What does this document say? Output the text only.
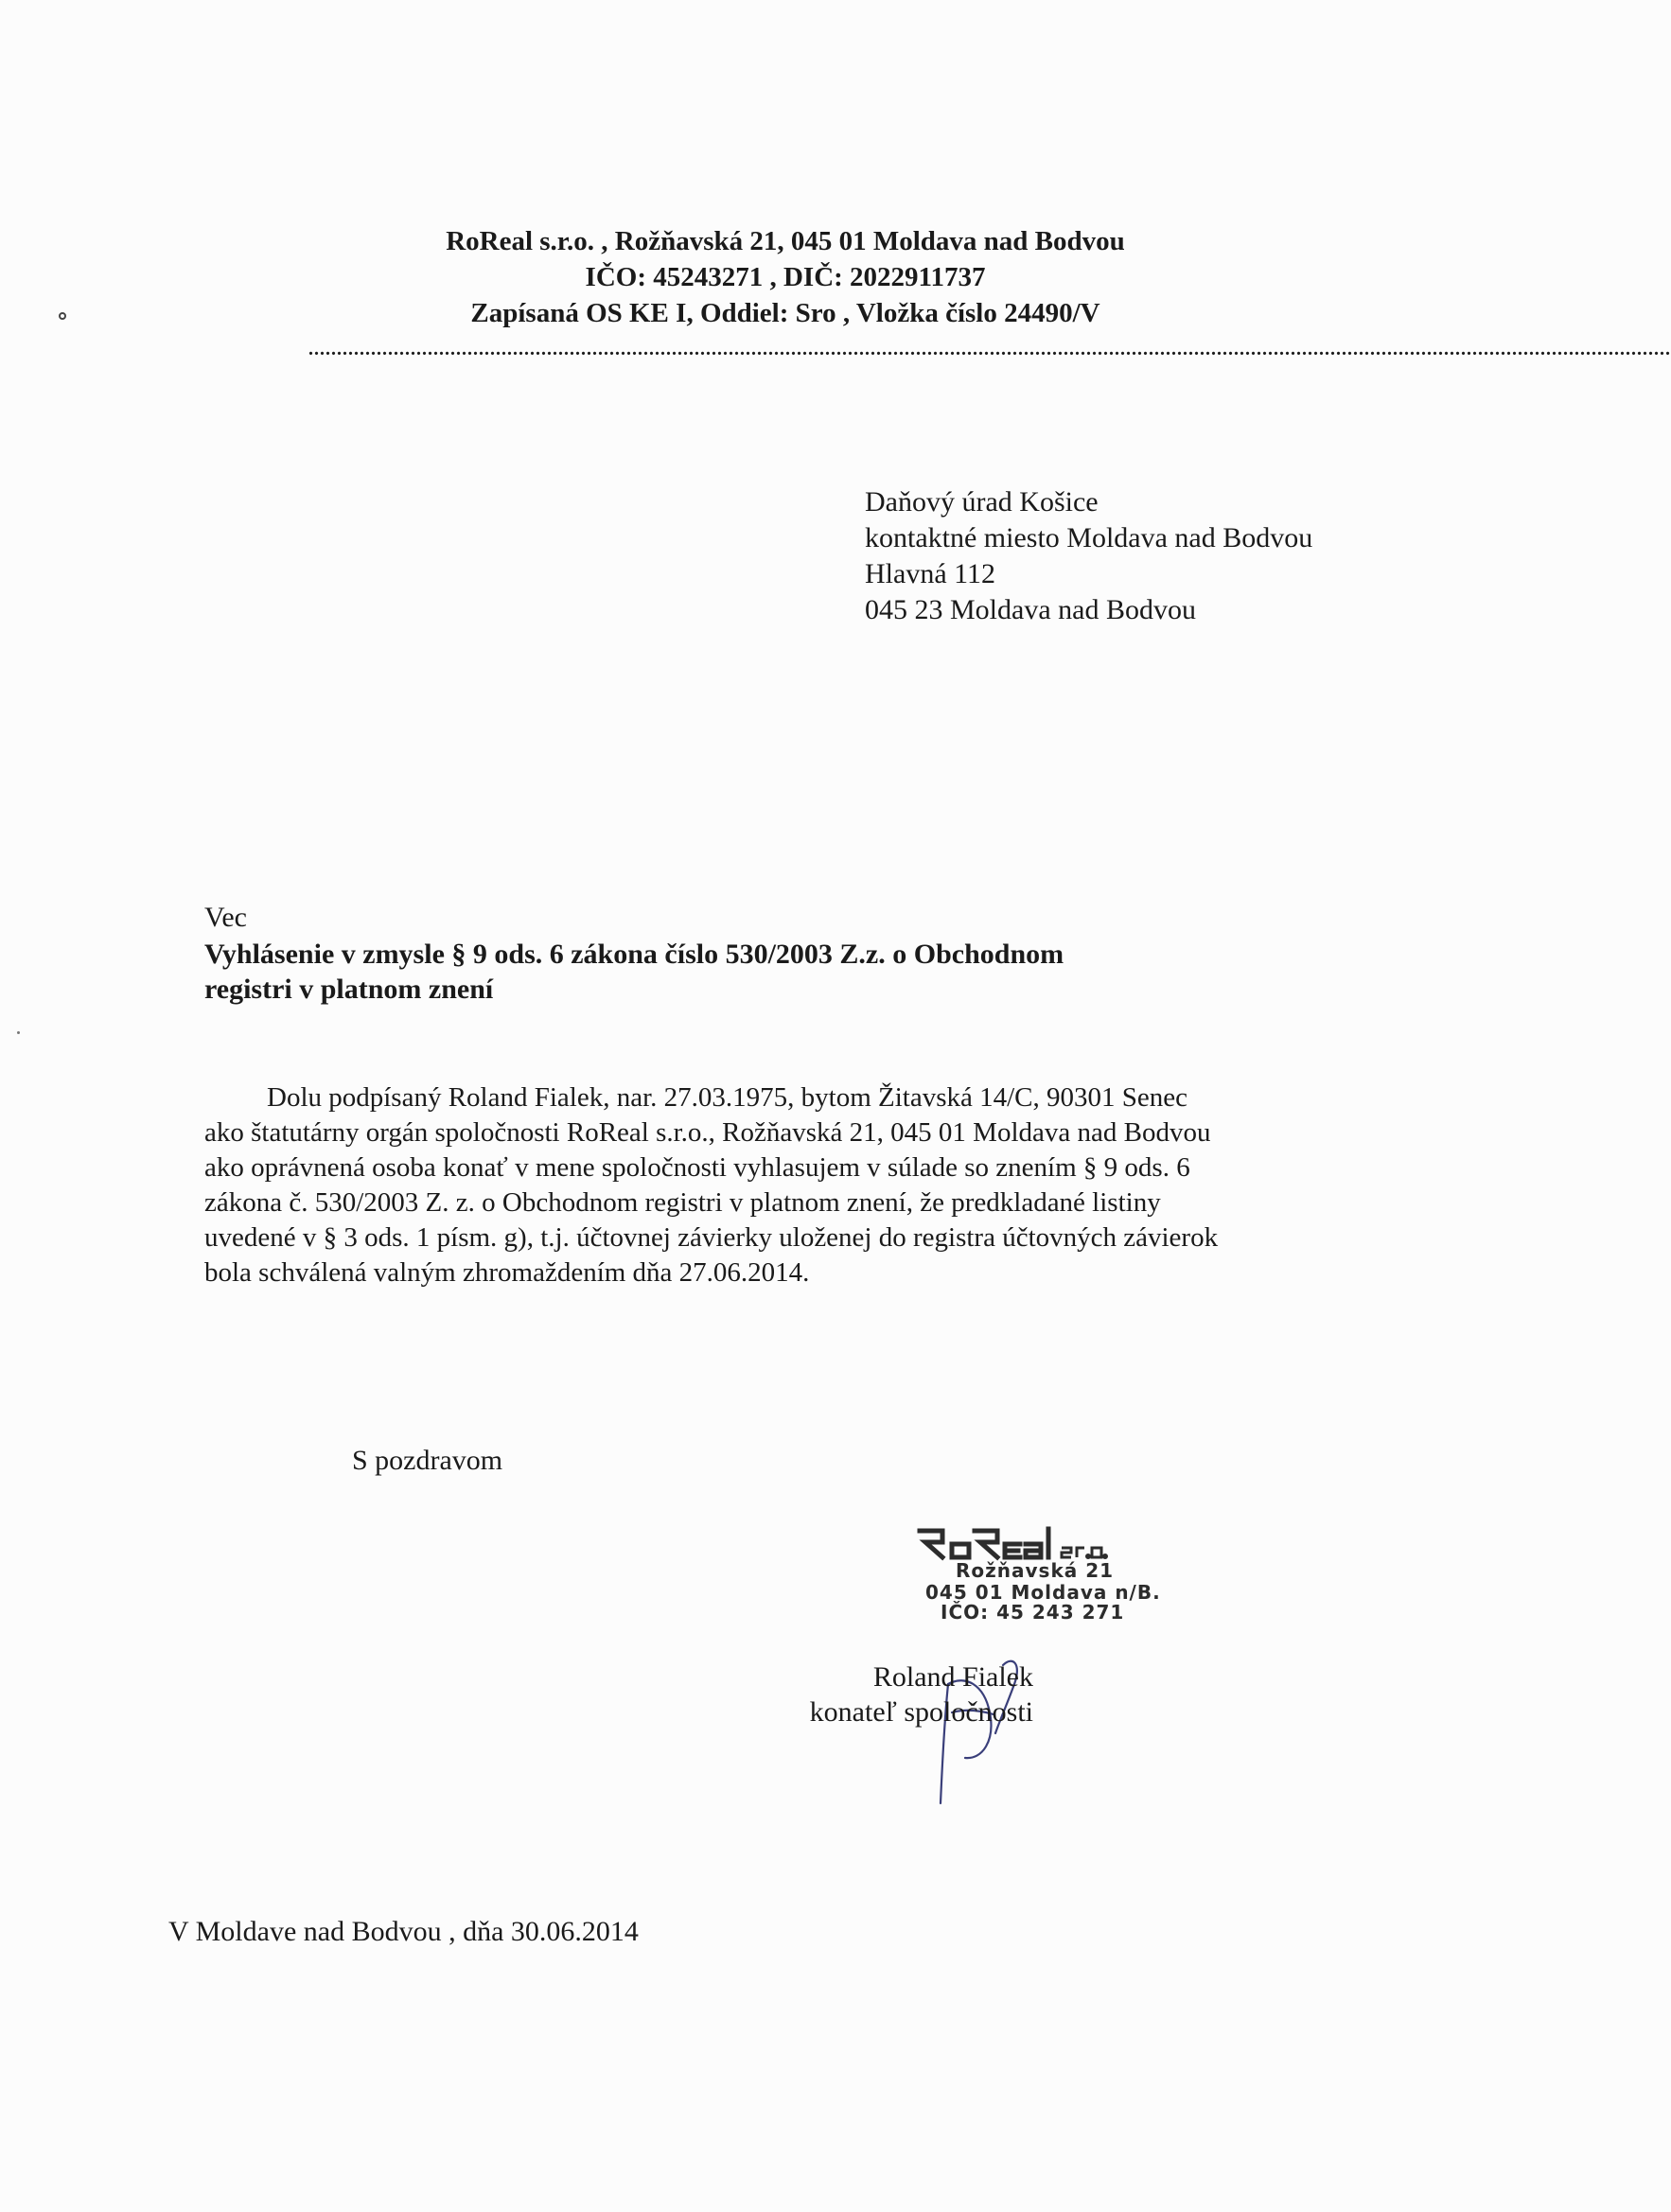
RoReal s.r.o. , Rožňavská 21, 045 01 Moldava nad Bodvou
IČO: 45243271 , DIČ: 2022911737
Zapísaná OS KE I, Oddiel: Sro , Vložka číslo 24490/V
................................................................................................................................................................................................................................................
Daňový úrad Košice
kontaktné miesto Moldava nad Bodvou
Hlavná 112
045 23 Moldava nad Bodvou
Vec
Vyhlásenie v zmysle § 9 ods. 6 zákona číslo 530/2003 Z.z. o Obchodnom
registri v platnom znení
Dolu podpísaný Roland Fialek, nar. 27.03.1975, bytom Žitavská 14/C, 90301 Senec
ako štatutárny orgán spoločnosti RoReal s.r.o., Rožňavská 21, 045 01 Moldava nad Bodvou
ako oprávnená osoba konať v mene spoločnosti vyhlasujem v súlade so znením § 9 ods. 6
zákona č. 530/2003 Z. z. o Obchodnom registri v platnom znení, že predkladané listiny
uvedené v § 3 ods. 1 písm. g), t.j. účtovnej závierky uloženej do registra účtovných závierok
bola schválená valným zhromaždením dňa 27.06.2014.
S pozdravom
Rožňavská 21
045 01 Moldava n/B.
IČO: 45 243 271
Roland Fialek
konateľ spoločnosti
V Moldave nad Bodvou , dňa 30.06.2014
